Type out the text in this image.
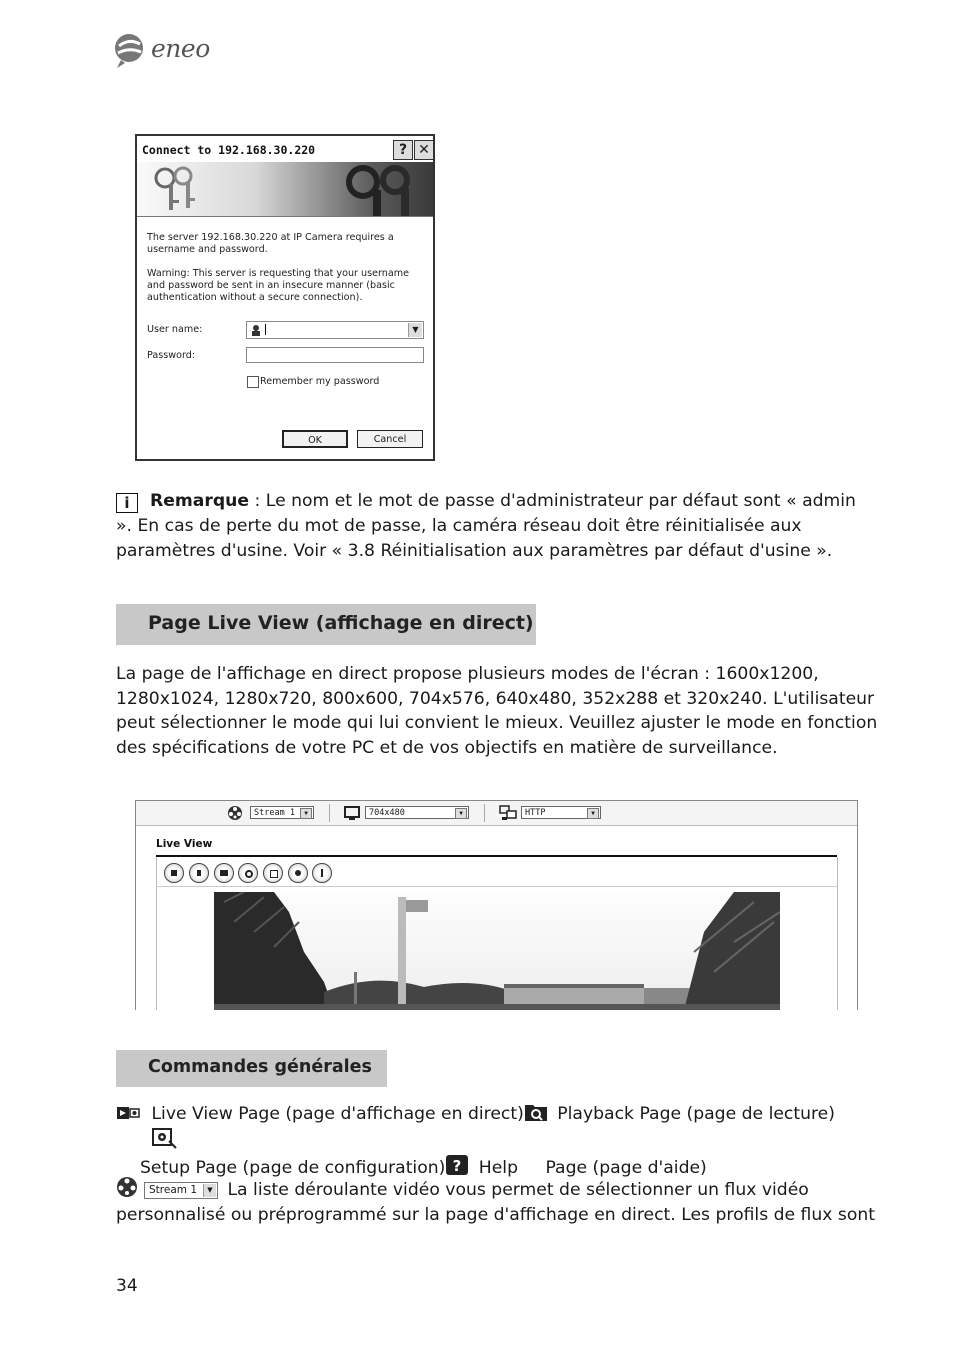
eneo
Connect to 192.168.30.220	? ✕

The server 192.168.30.220 at IP Camera requires a username and password.

Warning: This server is requesting that your username and password be sent in an insecure manner (basic authentication without a secure connection).

User name:	▼
Password:
Remember my password
OK	Cancel
i Remarque : Le nom et le mot de passe d'administrateur par défaut sont « admin ». En cas de perte du mot de passe, la caméra réseau doit être réinitialisée aux paramètres d'usine. Voir « 3.8 Réinitialisation aux paramètres par défaut d'usine ».
Page Live View (affichage en direct)
La page de l'affichage en direct propose plusieurs modes de l'écran : 1600x1200, 1280x1024, 1280x720, 800x600, 704x576, 640x480, 352x288 et 320x240. L'utilisateur peut sélectionner le mode qui lui convient le mieux. Veuillez ajuster le mode en fonction des spécifications de votre PC et de vos objectifs en matière de surveillance.
Stream 1	▼	704x480	▼	HTTP	▼
Live View
Commandes générales
Live View Page (page d'affichage en direct) Playback Page (page de lecture)
Setup Page (page de configuration) ? Help Page (page d'aide)
Stream 1	▼ La liste déroulante vidéo vous permet de sélectionner un flux vidéo personnalisé ou préprogrammé sur la page d'affichage en direct. Les profils de flux sont
34
